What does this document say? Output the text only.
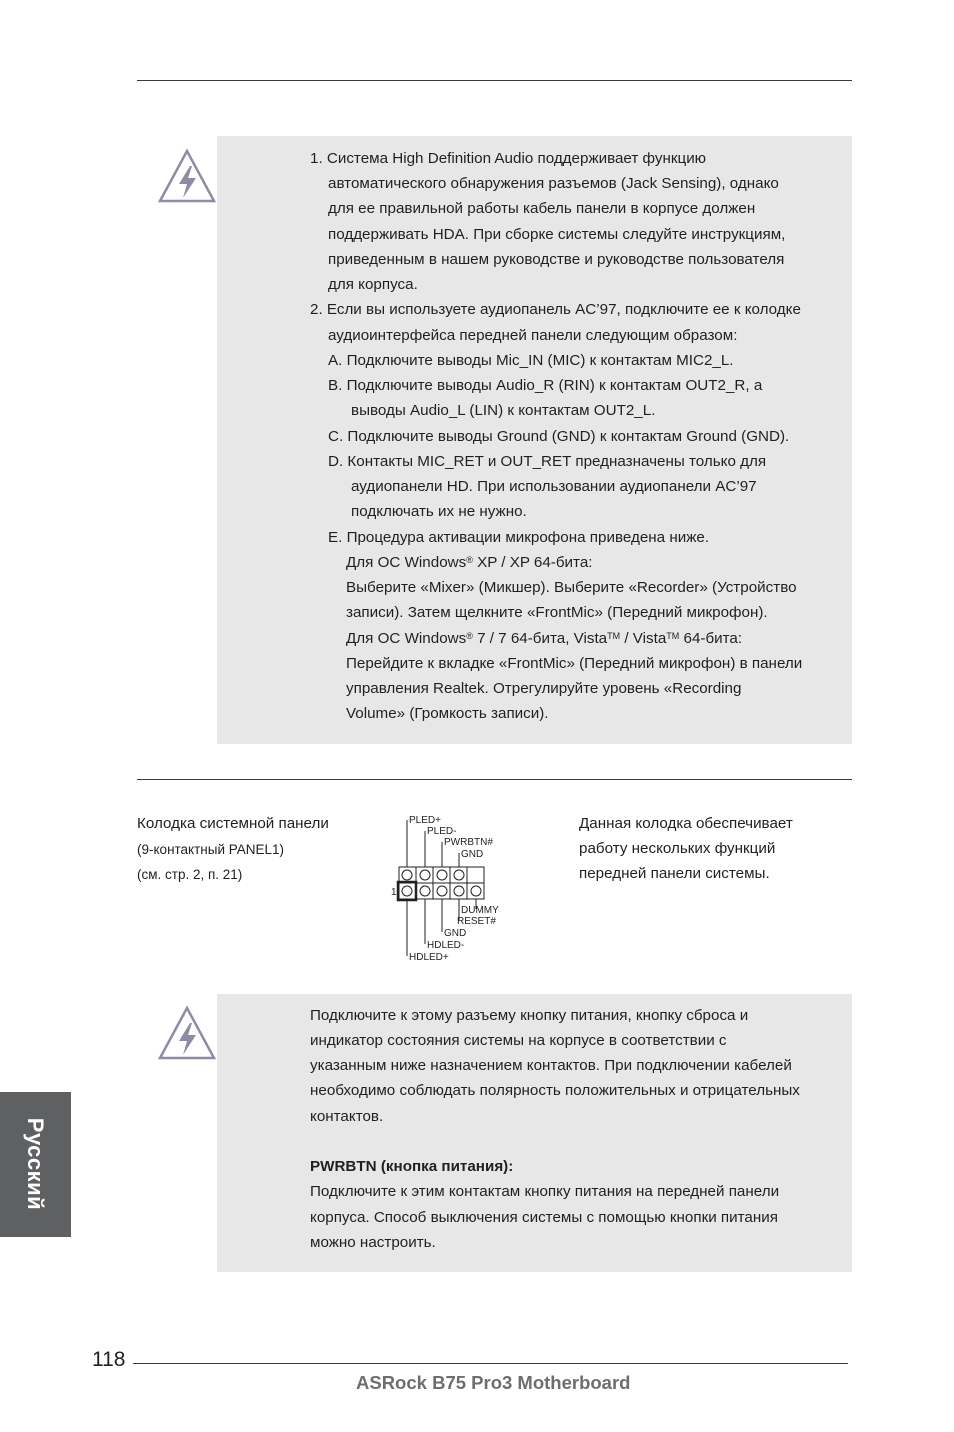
1. Система High Definition Audio поддерживает функцию
автоматического обнаружения разъемов (Jack Sensing), однако
для ее правильной работы кабель панели в корпусе должен
поддерживать HDA. При сборке системы следуйте инструкциям,
приведенным в нашем руководстве и руководстве пользователя
для корпуса.
2. Если вы используете аудиопанель AC’97, подключите ее к колодке
аудиоинтерфейса передней панели следующим образом:
A. Подключите выводы Mic_IN (MIC) к контактам MIC2_L.
B. Подключите выводы Audio_R (RIN) к контактам OUT2_R, а
выводы Audio_L (LIN) к контактам OUT2_L.
C. Подключите выводы Ground (GND) к контактам Ground (GND).
D. Контакты MIC_RET и OUT_RET предназначены только для
аудиопанели HD. При использовании аудиопанели AC’97
подключать их не нужно.
E. Процедура активации микрофона приведена ниже.
Для ОС Windows® XP / XP 64-бита:
Выберите «Mixer» (Микшер). Выберите «Recorder» (Устройство
записи). Затем щелкните «FrontMic» (Передний микрофон).
Для ОС Windows® 7 / 7 64-бита, Vista™ / Vista™ 64-бита:
Перейдите к вкладке «FrontMic» (Передний микрофон) в панели
управления Realtek. Отрегулируйте уровень «Recording
Volume» (Громкость записи).
Колодка системной панели
(9-контактный PANEL1)
(см. стр. 2, п. 21)
PLED+
PLED-
PWRBTN#
GND
1
DUMMY
RESET#
GND
HDLED-
HDLED+
Данная колодка обеспечивает
работу нескольких функций
передней панели системы.
Подключите к этому разъему кнопку питания, кнопку сброса и
индикатор состояния системы на корпусе в соответствии с
указанным ниже назначением контактов. При подключении кабелей
необходимо соблюдать полярность положительных и отрицательных
контактов.
PWRBTN (кнопка питания):
Подключите к этим контактам кнопку питания на передней панели
корпуса. Способ выключения системы с помощью кнопки питания
можно настроить.
Русский
118
ASRock B75 Pro3 Motherboard
